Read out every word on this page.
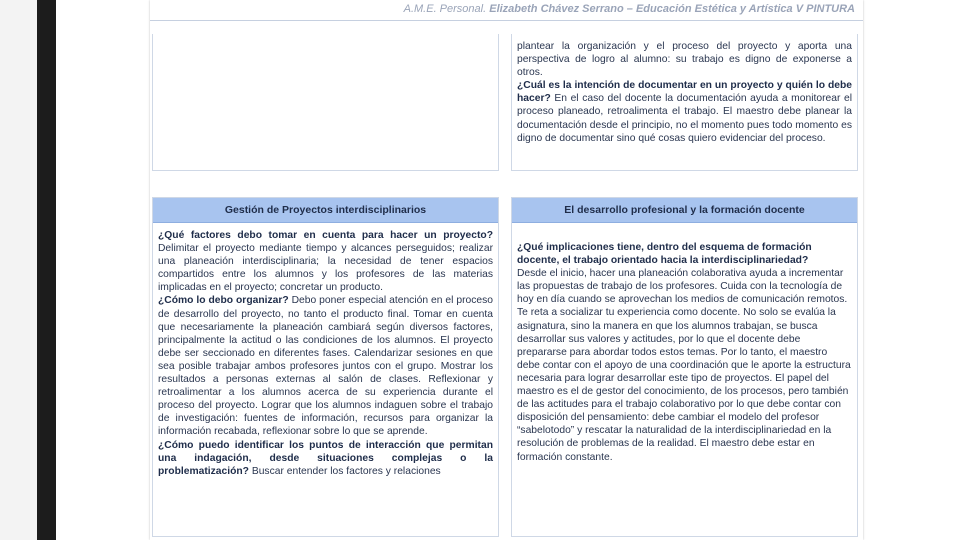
A.M.E. Personal. Elizabeth Chávez Serrano – Educación Estética y Artística V PINTURA

plantear la organización y el proceso del proyecto y aporta una perspectiva de logro al alumno: su trabajo es digno de exponerse a otros.

¿Cuál es la intención de documentar en un proyecto y quién lo debe hacer? En el caso del docente la documentación ayuda a monitorear el proceso planeado, retroalimenta el trabajo. El maestro debe planear la documentación desde el principio, no el momento pues todo momento es digno de documentar sino qué cosas quiero evidenciar del proceso.

Gestión de Proyectos interdisciplinarios

¿Qué factores debo tomar en cuenta para hacer un proyecto? Delimitar el proyecto mediante tiempo y alcances perseguidos; realizar una planeación interdisciplinaria; la necesidad de tener espacios compartidos entre los alumnos y los profesores de las materias implicadas en el proyecto; concretar un producto.

¿Cómo lo debo organizar? Debo poner especial atención en el proceso de desarrollo del proyecto, no tanto el producto final. Tomar en cuenta que necesariamente la planeación cambiará según diversos factores, principalmente la actitud o las condiciones de los alumnos. El proyecto debe ser seccionado en diferentes fases. Calendarizar sesiones en que sea posible trabajar ambos profesores juntos con el grupo. Mostrar los resultados a personas externas al salón de clases. Reflexionar y retroalimentar a los alumnos acerca de su experiencia durante el proceso del proyecto. Lograr que los alumnos indaguen sobre el trabajo de investigación: fuentes de información, recursos para organizar la información recabada, reflexionar sobre lo que se aprende.

¿Cómo puedo identificar los puntos de interacción que permitan una indagación, desde situaciones complejas o la problematización? Buscar entender los factores y relaciones

El desarrollo profesional y la formación docente

¿Qué implicaciones tiene, dentro del esquema de formación docente, el trabajo orientado hacia la interdisciplinariedad?

Desde el inicio, hacer una planeación colaborativa ayuda a incrementar las propuestas de trabajo de los profesores. Cuida con la tecnología de hoy en día cuando se aprovechan los medios de comunicación remotos. Te reta a socializar tu experiencia como docente. No solo se evalúa la asignatura, sino la manera en que los alumnos trabajan, se busca desarrollar sus valores y actitudes, por lo que el docente debe prepararse para abordar todos estos temas. Por lo tanto, el maestro debe contar con el apoyo de una coordinación que le aporte la estructura necesaria para lograr desarrollar este tipo de proyectos. El papel del maestro es el de gestor del conocimiento, de los procesos, pero también de las actitudes para el trabajo colaborativo por lo que debe contar con disposición del pensamiento: debe cambiar el modelo del profesor “sabelotodo” y rescatar la naturalidad de la interdisciplinariedad en la resolución de problemas de la realidad. El maestro debe estar en formación constante.
